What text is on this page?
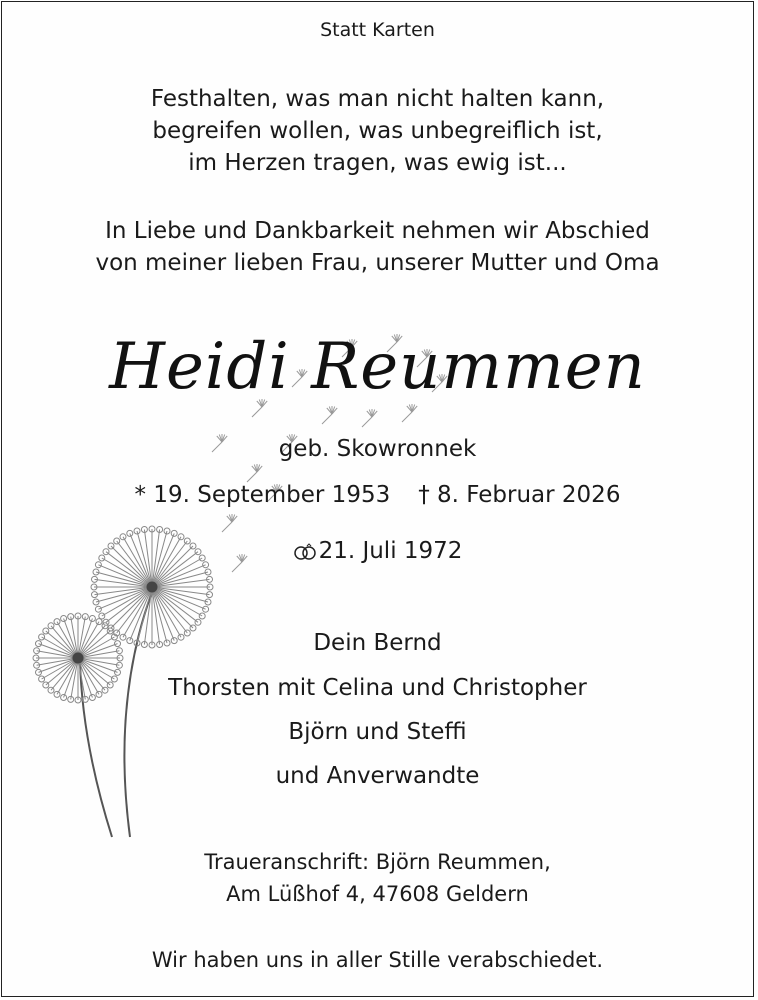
Statt Karten
Festhalten, was man nicht halten kann,
begreifen wollen, was unbegreiflich ist,
im Herzen tragen, was ewig ist...
In Liebe und Dankbarkeit nehmen wir Abschied
von meiner lieben Frau, unserer Mutter und Oma
Heidi Reummen
geb. Skowronnek
* 19. September 1953 † 8. Februar 2026
21. Juli 1972
Dein Bernd
Thorsten mit Celina und Christopher
Björn und Steffi
und Anverwandte
Traueranschrift: Björn Reummen,
Am Lüßhof 4, 47608 Geldern
Wir haben uns in aller Stille verabschiedet.
